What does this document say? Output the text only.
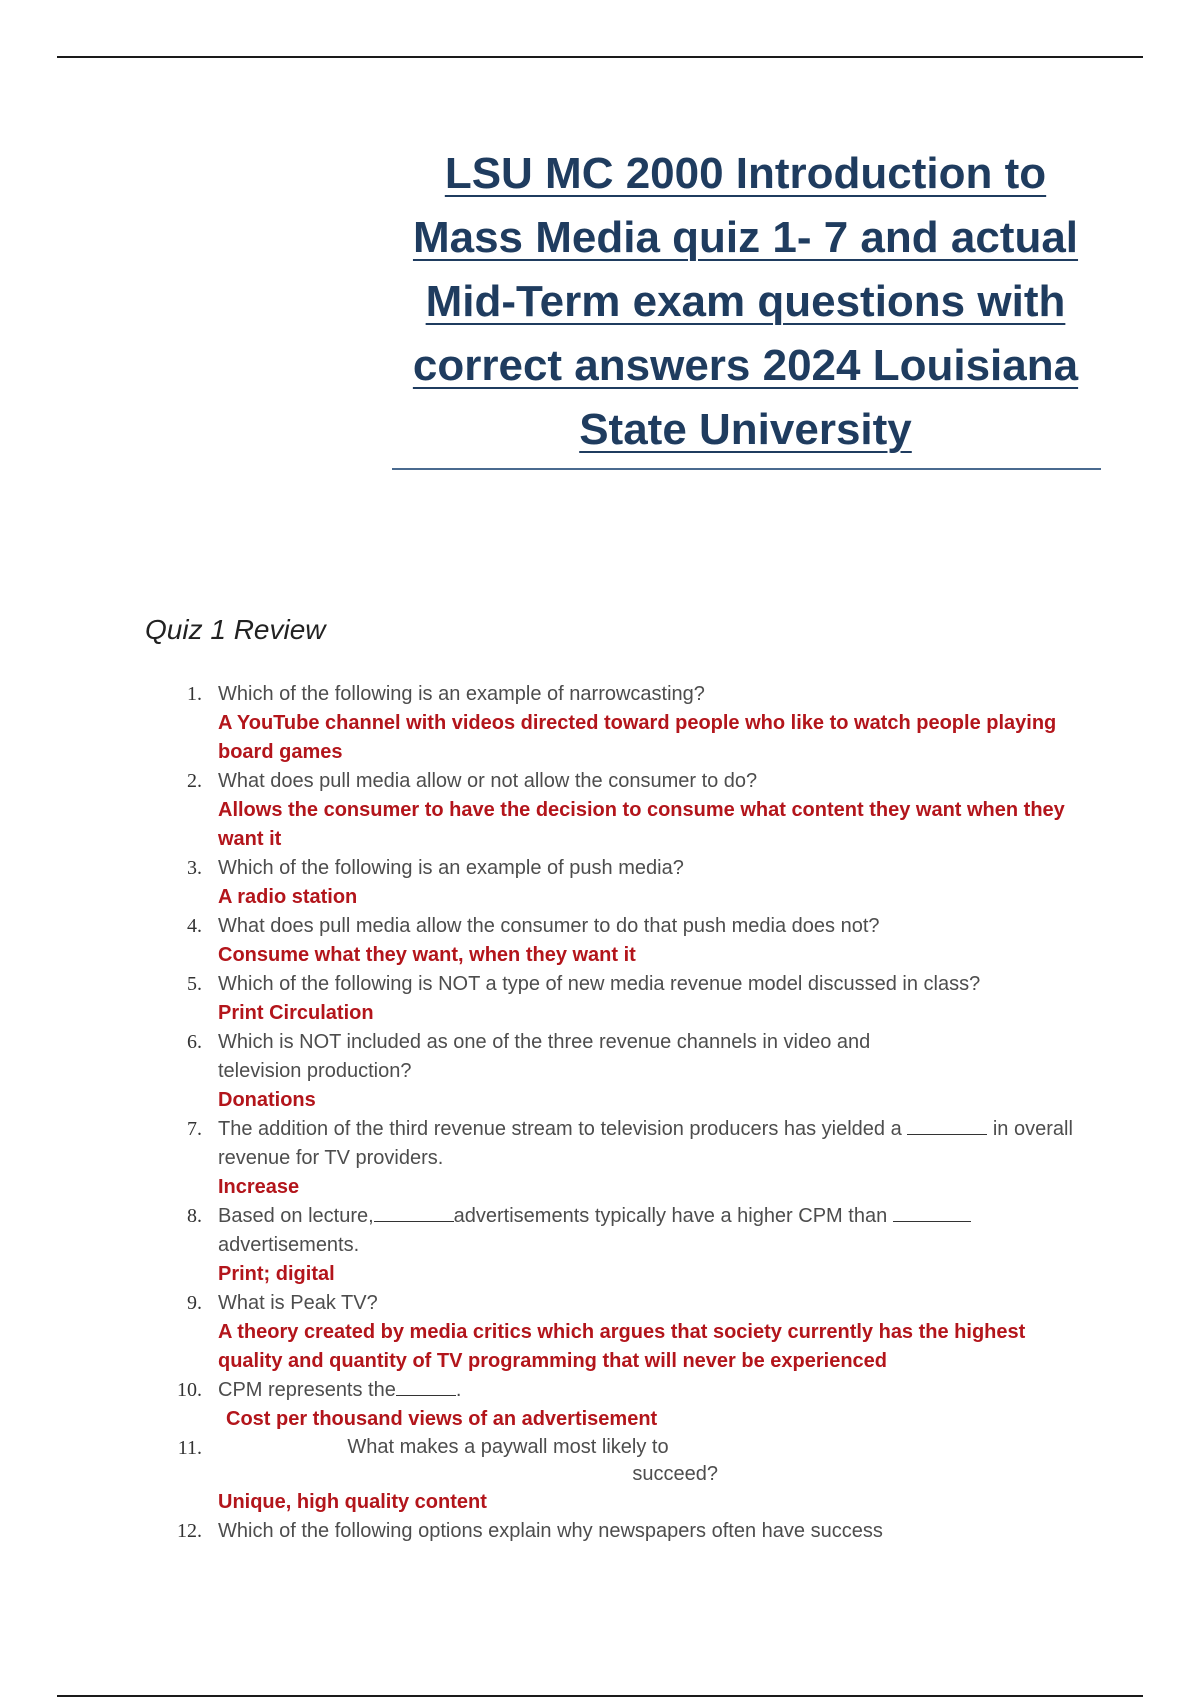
LSU MC 2000 Introduction to Mass Media quiz 1- 7 and actual Mid-Term exam questions with correct answers 2024 Louisiana State University
Quiz 1 Review
1. Which of the following is an example of narrowcasting?
A YouTube channel with videos directed toward people who like to watch people playing board games
2. What does pull media allow or not allow the consumer to do?
Allows the consumer to have the decision to consume what content they want when they want it
3. Which of the following is an example of push media?
A radio station
4. What does pull media allow the consumer to do that push media does not?
Consume what they want, when they want it
5. Which of the following is NOT a type of new media revenue model discussed in class?
Print Circulation
6. Which is NOT included as one of the three revenue channels in video and television production?
Donations
7. The addition of the third revenue stream to television producers has yielded a	in overall revenue for TV providers.
Increase
8. Based on lecture,	advertisements typically have a higher CPM than  advertisements.
Print; digital
9. What is Peak TV?
A theory created by media critics which argues that society currently has the highest quality and quantity of TV programming that will never be experienced
10. CPM represents the	.
Cost per thousand views of an advertisement
11.	What makes a paywall most likely to
succeed?
Unique, high quality content
12. Which of the following options explain why newspapers often have success
